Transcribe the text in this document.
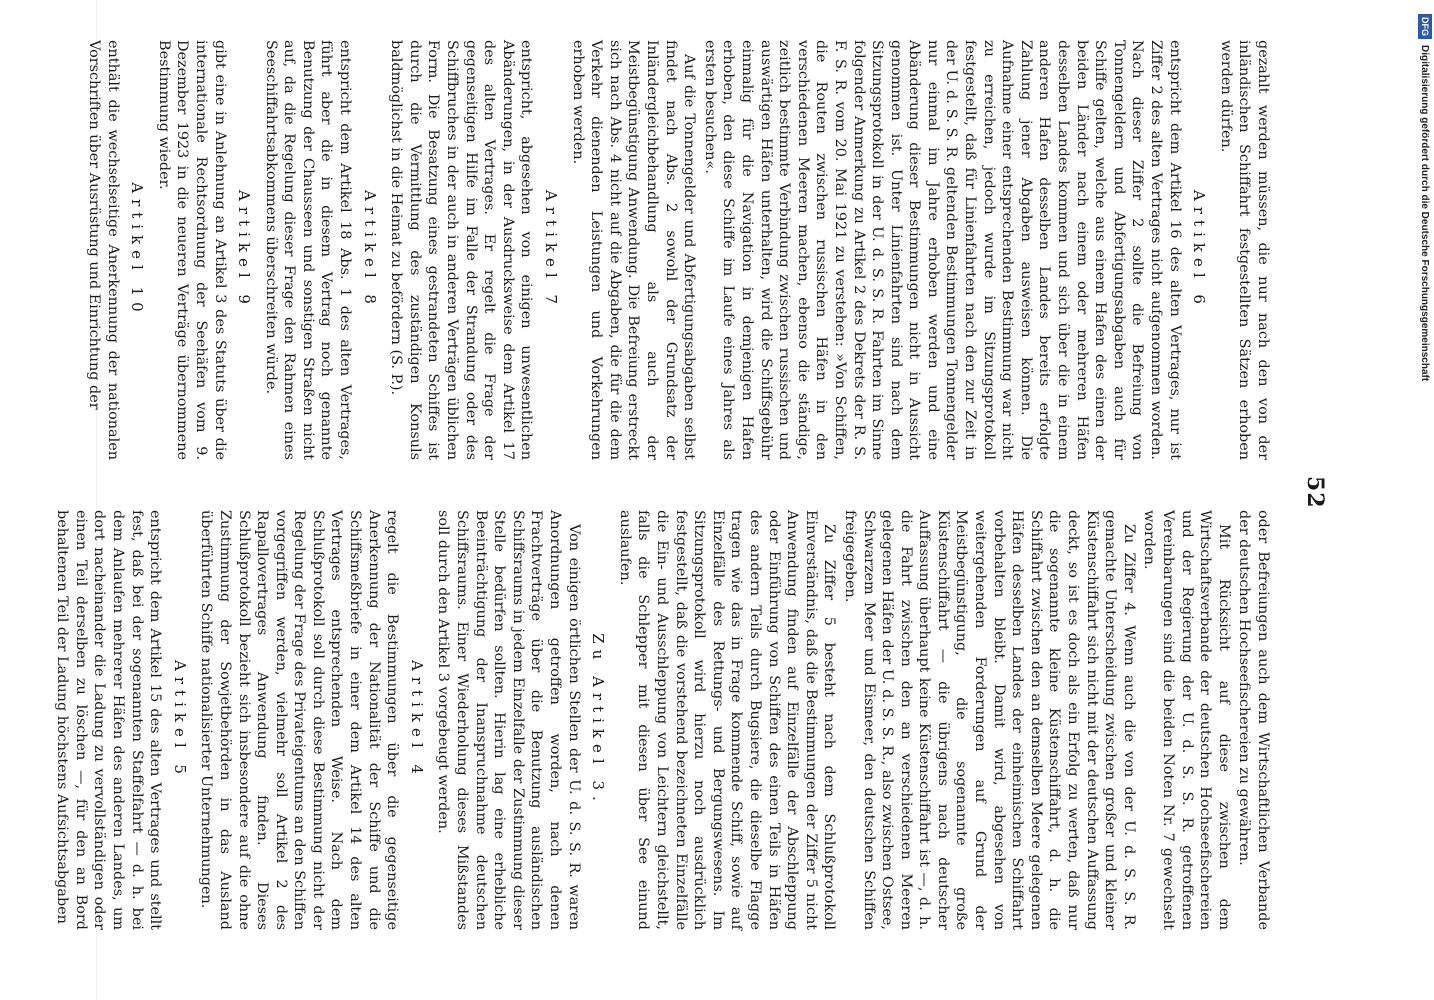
52

gezahlt werden müssen, die nur nach den von der inländischen Schiffahrt festgestellten Sätzen erhoben werden dürfen.

Artikel 6

entspricht dem Artikel 16 des alten Vertrages, nur ist Ziffer 2 des alten Vertrages nicht aufgenommen worden. Nach dieser Ziffer 2 sollte die Befreiung von Tonnengeldern und Abfertigungsabgaben auch für Schiffe gelten, welche aus einem Hafen des einen der beiden Länder nach einem oder mehreren Häfen desselben Landes kommen und sich über die in einem anderen Hafen desselben Landes bereits erfolgte Zahlung jener Abgaben ausweisen können. Die Aufnahme einer entsprechenden Bestimmung war nicht zu erreichen, jedoch wurde im Sitzungsprotokoll festgestellt, daß für Linienfahrten nach den zur Zeit in der U. d. S. S. R. geltenden Bestimmungen Tonnengelder nur einmal im Jahre erhoben werden und eine Abänderung dieser Bestimmungen nicht in Aussicht genommen ist. Unter Linienfahrten sind nach dem Sitzungsprotokoll in der U. d. S. S. R. Fahrten im Sinne folgender Anmerkung zu Artikel 2 des Dekrets der R. S. F. S. R. vom 20. Mai 1921 zu verstehen: »Von Schiffen, die Routen zwischen russischen Häfen in den verschiedenen Meeren machen, ebenso die ständige, zeitlich bestimmte Verbindung zwischen russischen und auswärtigen Häfen unterhalten, wird die Schiffsgebühr einmalig für die Navigation in demjenigen Hafen erhoben, den diese Schiffe im Laufe eines Jahres als ersten besuchen«.

Auf die Tonnengelder und Abfertigungsabgaben selbst findet nach Abs. 2 sowohl der Grundsatz der Inländergleichbehandlung als auch der Meistbegünstigung Anwendung. Die Befreiung erstreckt sich nach Abs. 4 nicht auf die Abgaben, die für die dem Verkehr dienenden Leistungen und Vorkehrungen erhoben werden.

Artikel 7

entspricht, abgesehen von einigen unwesentlichen Abänderungen, in der Ausdrucksweise dem Artikel 17 des alten Vertrages. Er regelt die Frage der gegenseitigen Hilfe im Falle der Strandung oder des Schiffbruches in der auch in anderen Verträgen üblichen Form. Die Besatzung eines gestrandeten Schiffes ist durch die Vermittlung des zuständigen Konsuls baldmöglichst in die Heimat zu befördern (S. P.).

Artikel 8

entspricht dem Artikel 18 Abs. 1 des alten Vertrages, führt aber die in diesem Vertrag noch genannte Benutzung der Chausseen und sonstigen Straßen nicht auf, da die Regelung dieser Frage den Rahmen eines Seeschiffahrtsabkommens überschreiten würde.

Artikel 9

gibt eine in Anlehnung an Artikel 3 des Statuts über die internationale Rechtsordnung der Seehäfen vom 9. Dezember 1923 in die neueren Verträge übernommene Bestimmung wieder.

Artikel 10

enthält die wechselseitige Anerkennung der nationalen Vorschriften über Ausrüstung und Einrichtung der

oder Befreiungen auch dem Wirtschaftlichen Verbande der deutschen Hochseefischereien zu gewähren.

Mit Rücksicht auf diese zwischen dem Wirtschaftsverbande der deutschen Hochseefischereien und der Regierung der U. d. S. S. R. getroffenen Vereinbarungen sind die beiden Noten Nr. 7 gewechselt worden.

Zu Ziffer 4. Wenn auch die von der U. d. S. S. R. gemachte Unterscheidung zwischen großer und kleiner Küstenschiffahrt sich nicht mit der deutschen Auffassung deckt, so ist es doch als ein Erfolg zu werten, daß nur die sogenannte kleine Küstenschiffahrt, d. h. die Schiffahrt zwischen den an demselben Meere gelegenen Häfen desselben Landes der einheimischen Schiffahrt vorbehalten bleibt. Damit wird, abgesehen von weitergehenden Forderungen auf Grund der Meistbegünstigung, die sogenannte große Küstenschiffahrt — die übrigens nach deutscher Auffassung überhaupt keine Küstenschiffahrt ist —, d. h. die Fahrt zwischen den an verschiedenen Meeren gelegenen Häfen der U. d. S. S. R., also zwischen Ostsee, Schwarzem Meer und Eismeer, den deutschen Schiffen freigegeben.

Zu Ziffer 5 besteht nach dem Schlußprotokoll Einverständnis, daß die Bestimmungen der Ziffer 5 nicht Anwendung finden auf Einzelfälle der Abschleppung oder Einführung von Schiffen des einen Teils in Häfen des andern Teils durch Bugsiere, die dieselbe Flagge tragen wie das in Frage kommende Schiff, sowie auf Einzelfälle des Rettungs- und Bergungswesens. Im Sitzungsprotokoll wird hierzu noch ausdrücklich festgestellt, daß die vorstehend bezeichneten Einzelfälle die Ein- und Ausschleppung von Leichtern gleichstellt, falls die Schlepper mit diesen über See einund auslaufen.

Zu Artikel 3.

Von einigen örtlichen Stellen der U. d. S. S. R. waren Anordnungen getroffen worden, nach denen Frachtverträge über die Benutzung ausländischen Schiffsraums in jedem Einzelfalle der Zustimmung dieser Stelle bedürfen sollten. Hierin lag eine erhebliche Beeinträchtigung der Inanspruchnahme deutschen Schiffsraums. Einer Wiederholung dieses Mißstandes soll durch den Artikel 3 vorgebeugt werden.

Artikel 4

regelt die Bestimmungen über die gegenseitige Anerkennung der Nationalität der Schiffe und die Schiffsmeßbriefe in einer dem Artikel 14 des alten Vertrages entsprechenden Weise. Nach dem Schlußprotokoll soll durch diese Bestimmung nicht der Regelung der Frage des Privateigentums an den Schiffen vorgegriffen werden, vielmehr soll Artikel 2 des Rapallovertrages Anwendung finden. Dieses Schlußprotokoll bezieht sich insbesondere auf die ohne Zustimmung der Sowjetbehörden in das Ausland überführten Schiffe nationalisierter Unternehmungen.

Artikel 5

entspricht dem Artikel 15 des alten Vertrages und stellt fest, daß bei der sogenannten Staffelfahrt — d. h. bei dem Anlaufen mehrerer Häfen des anderen Landes, um dort nacheinander die Ladung zu vervollständigen oder einen Teil derselben zu löschen —, für den an Bord behaltenen Teil der Ladung höchstens Aufsichtsabgaben

DFGDigitalisierung gefördert durch die Deutsche Forschungsgemeinschaft
